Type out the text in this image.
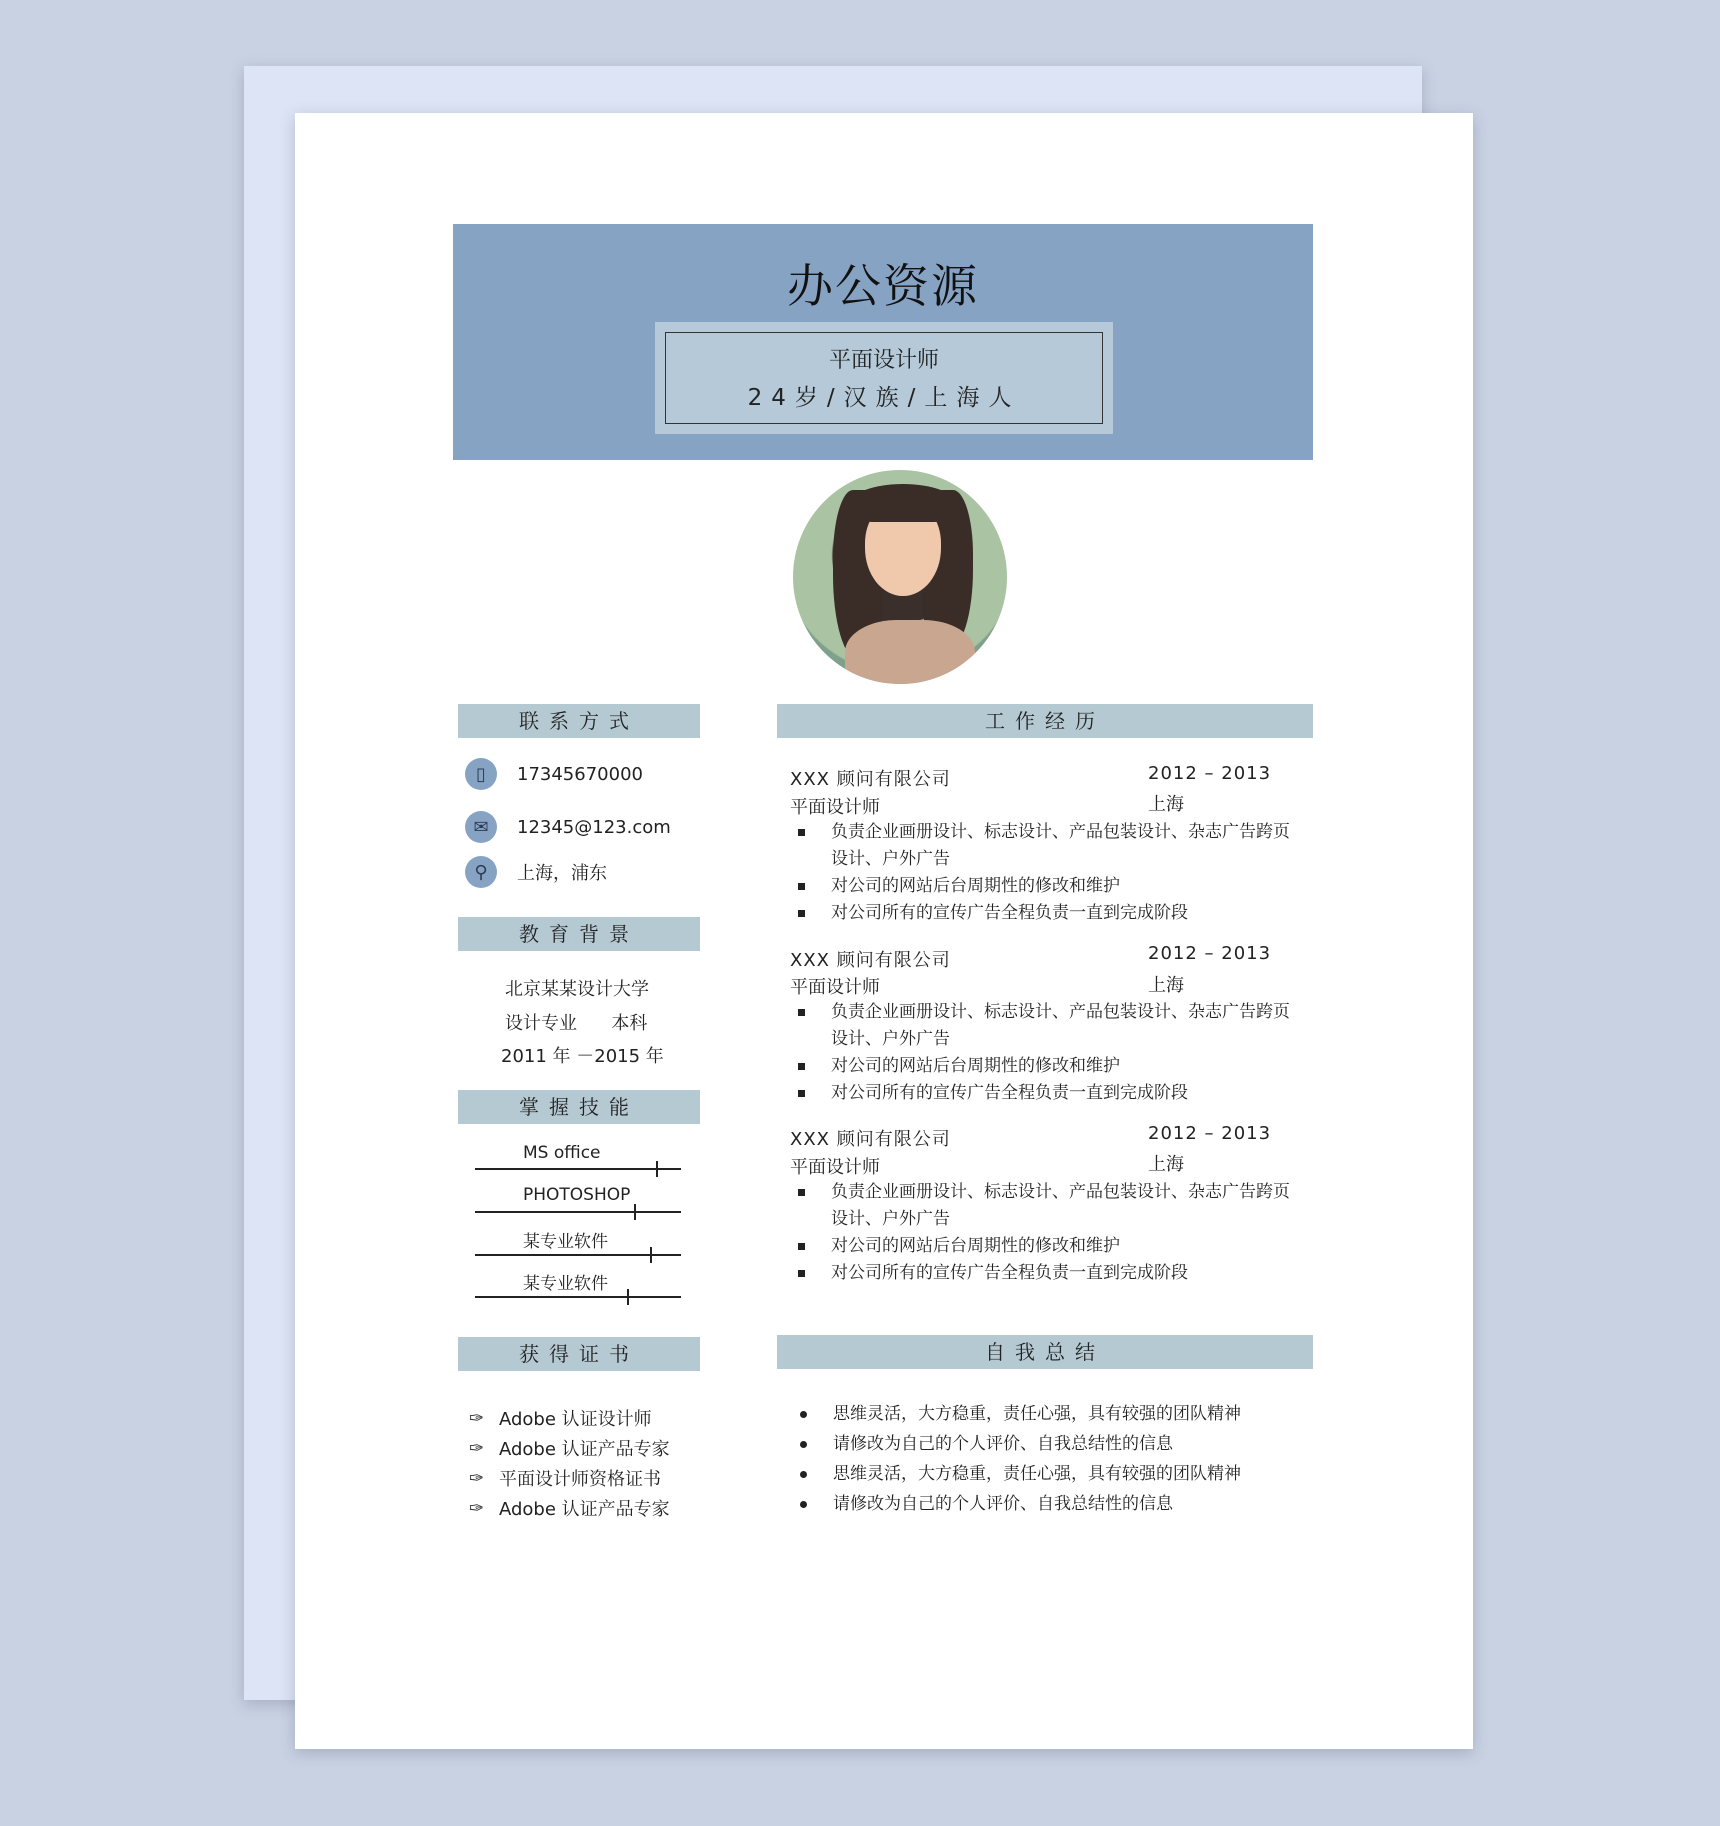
办公资源
平面设计师
24岁/汉族/上海人
联系方式
▯	17345670000
✉	12345@123.com
⚲	上海，浦东
教育背景
北京某某设计大学
设计专业      本科
2011 年 －2015 年
掌握技能
MS office
PHOTOSHOP
某专业软件
某专业软件
获得证书
✑ Adobe 认证设计师
✑ Adobe 认证产品专家
✑ 平面设计师资格证书
✑ Adobe 认证产品专家
工作经历
XXX 顾问有限公司	2012 – 2013
平面设计师	上海
负责企业画册设计、标志设计、产品包装设计、杂志广告跨页设计、户外广告
对公司的网站后台周期性的修改和维护
对公司所有的宣传广告全程负责一直到完成阶段
XXX 顾问有限公司	2012 – 2013
平面设计师	上海
负责企业画册设计、标志设计、产品包装设计、杂志广告跨页设计、户外广告
对公司的网站后台周期性的修改和维护
对公司所有的宣传广告全程负责一直到完成阶段
XXX 顾问有限公司	2012 – 2013
平面设计师	上海
负责企业画册设计、标志设计、产品包装设计、杂志广告跨页设计、户外广告
对公司的网站后台周期性的修改和维护
对公司所有的宣传广告全程负责一直到完成阶段
自我总结
思维灵活，大方稳重，责任心强，具有较强的团队精神
请修改为自己的个人评价、自我总结性的信息
思维灵活，大方稳重，责任心强，具有较强的团队精神
请修改为自己的个人评价、自我总结性的信息
